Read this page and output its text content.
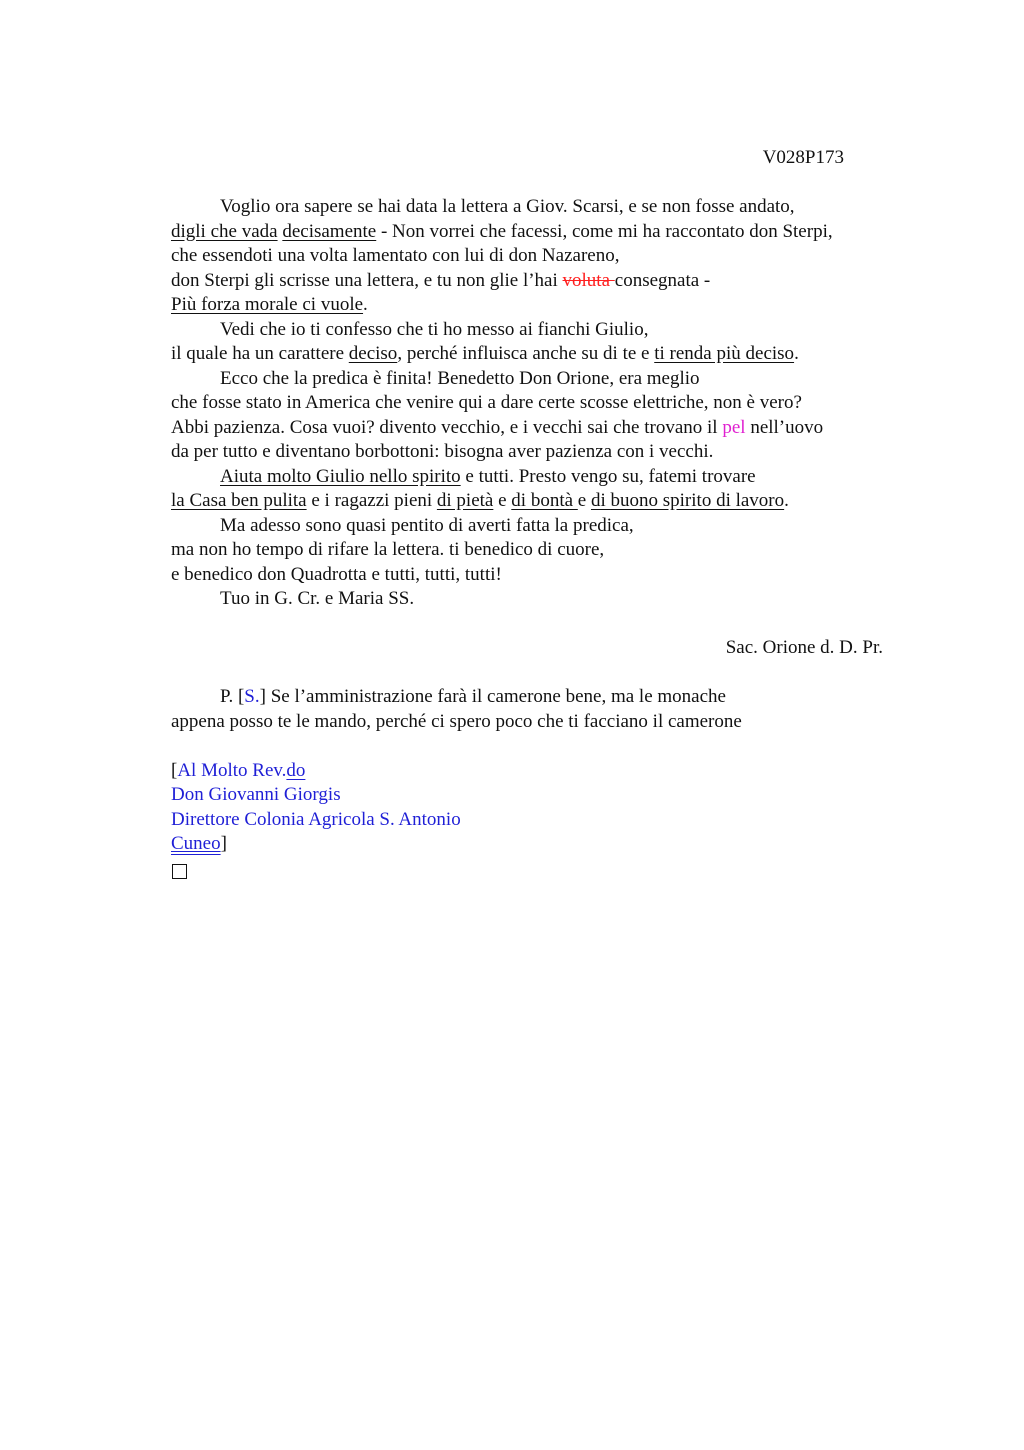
V028P173
Voglio ora sapere se hai data la lettera a Giov. Scarsi, e se non fosse andato,
digli che vada decisamente - Non vorrei che facessi, come mi ha raccontato don Sterpi,
che essendoti una volta lamentato con lui di don Nazareno,
don Sterpi gli scrisse una lettera, e tu non glie l’hai voluta consegnata -
Più forza morale ci vuole.
Vedi che io ti confesso che ti ho messo ai fianchi Giulio,
il quale ha un carattere deciso, perché influisca anche su di te e ti renda più deciso.
Ecco che la predica è finita! Benedetto Don Orione, era meglio
che fosse stato in America che venire qui a dare certe scosse elettriche, non è vero?
Abbi pazienza. Cosa vuoi? divento vecchio, e i vecchi sai che trovano il pel nell’uovo
da per tutto e diventano borbottoni: bisogna aver pazienza con i vecchi.
Aiuta molto Giulio nello spirito e tutti. Presto vengo su, fatemi trovare
la Casa ben pulita e i ragazzi pieni di pietà e di bontà e di buono spirito di lavoro.
Ma adesso sono quasi pentito di averti fatta la predica,
ma non ho tempo di rifare la lettera. ti benedico di cuore,
e benedico don Quadrotta e tutti, tutti, tutti!
Tuo in G. Cr. e Maria SS.
Sac. Orione d. D. Pr.
P. [S.] Se l’amministrazione farà il camerone bene, ma le monache
appena posso te le mando, perché ci spero poco che ti facciano il camerone
[Al Molto Rev.do
Don Giovanni Giorgis
Direttore Colonia Agricola S. Antonio
Cuneo]
